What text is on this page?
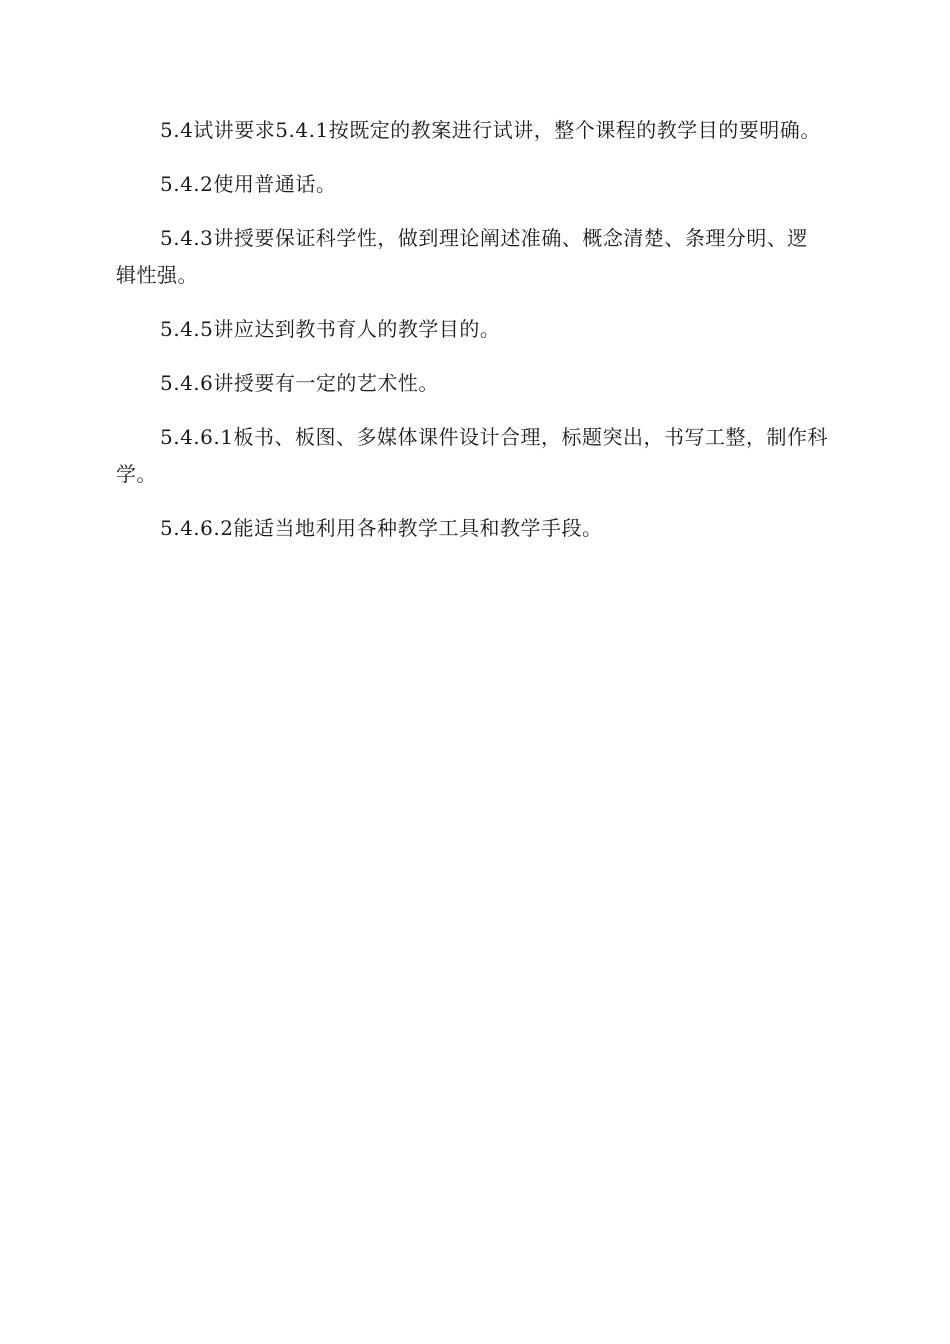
5.4试讲要求5.4.1按既定的教案进行试讲，整个课程的教学目的要明确。

5.4.2使用普通话。

5.4.3讲授要保证科学性，做到理论阐述准确、概念清楚、条理分明、逻辑性强。

5.4.5讲应达到教书育人的教学目的。

5.4.6讲授要有一定的艺术性。

5.4.6.1板书、板图、多媒体课件设计合理，标题突出，书写工整，制作科学。

5.4.6.2能适当地利用各种教学工具和教学手段。
